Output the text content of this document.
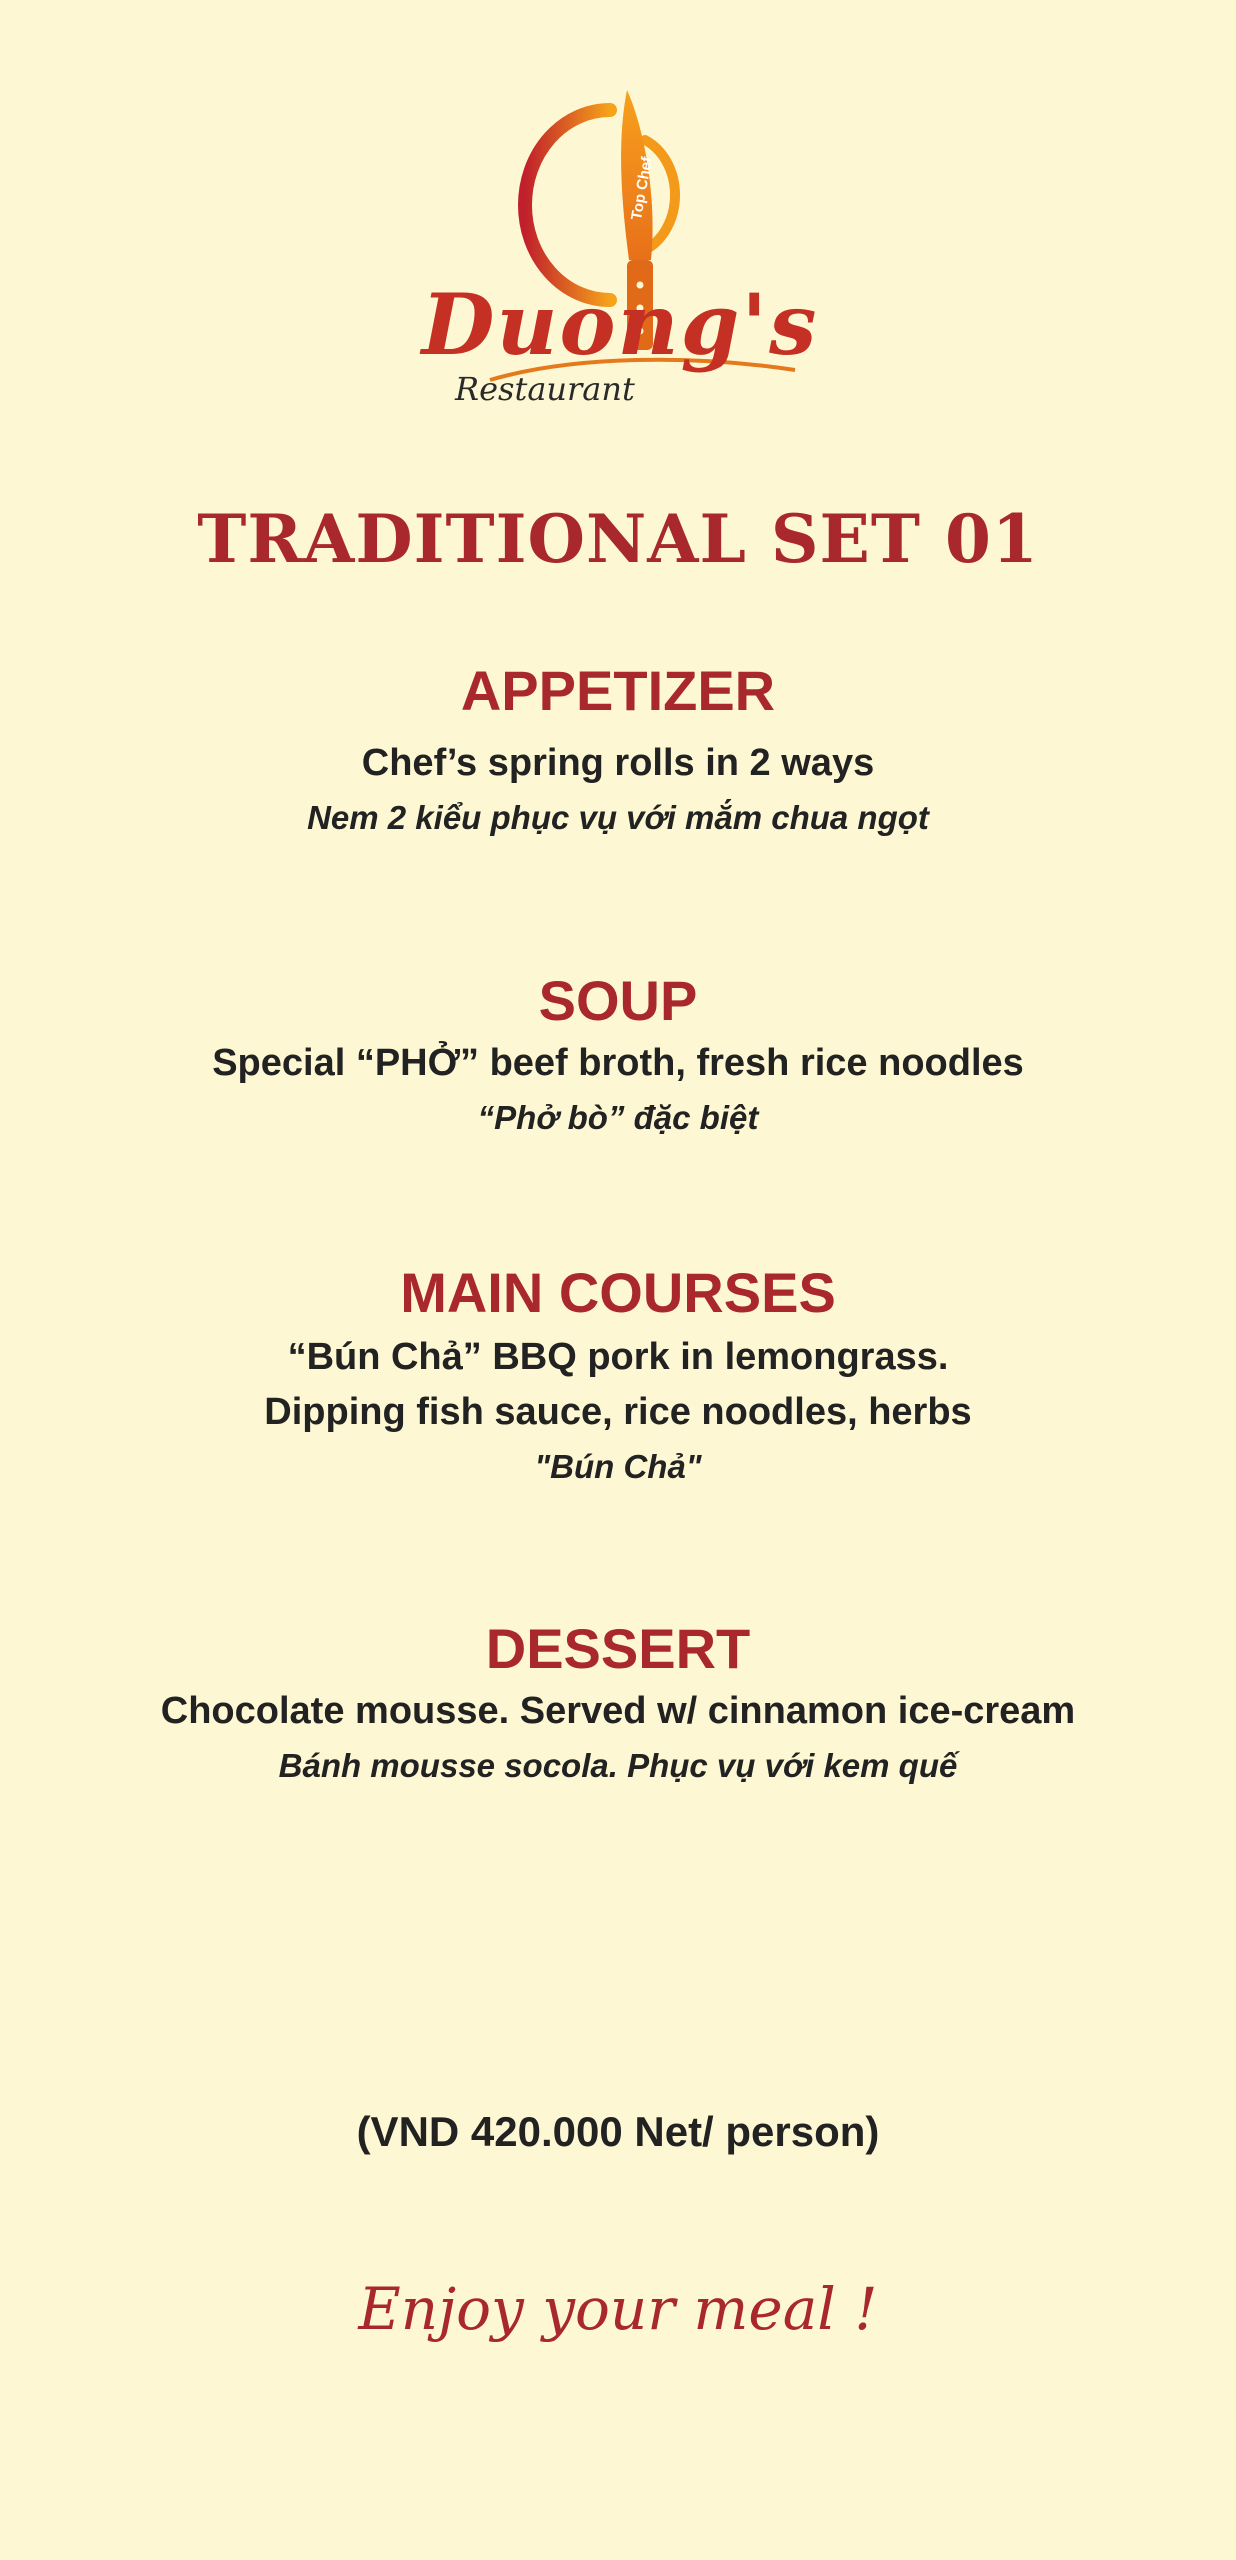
Top Chef
Duong's
Restaurant
TRADITIONAL SET 01
APPETIZER
Chef’s spring rolls in 2 ways
Nem 2 kiểu phục vụ với mắm chua ngọt
SOUP
Special “PHỞ” beef broth, fresh rice noodles
“Phở bò” đặc biệt
MAIN COURSES
“Bún Chả” BBQ pork in lemongrass.
Dipping fish sauce, rice noodles, herbs
"Bún Chả"
DESSERT
Chocolate mousse. Served w/ cinnamon ice-cream
Bánh mousse socola. Phục vụ với kem quế
(VND 420.000 Net/ person)
Enjoy your meal !
